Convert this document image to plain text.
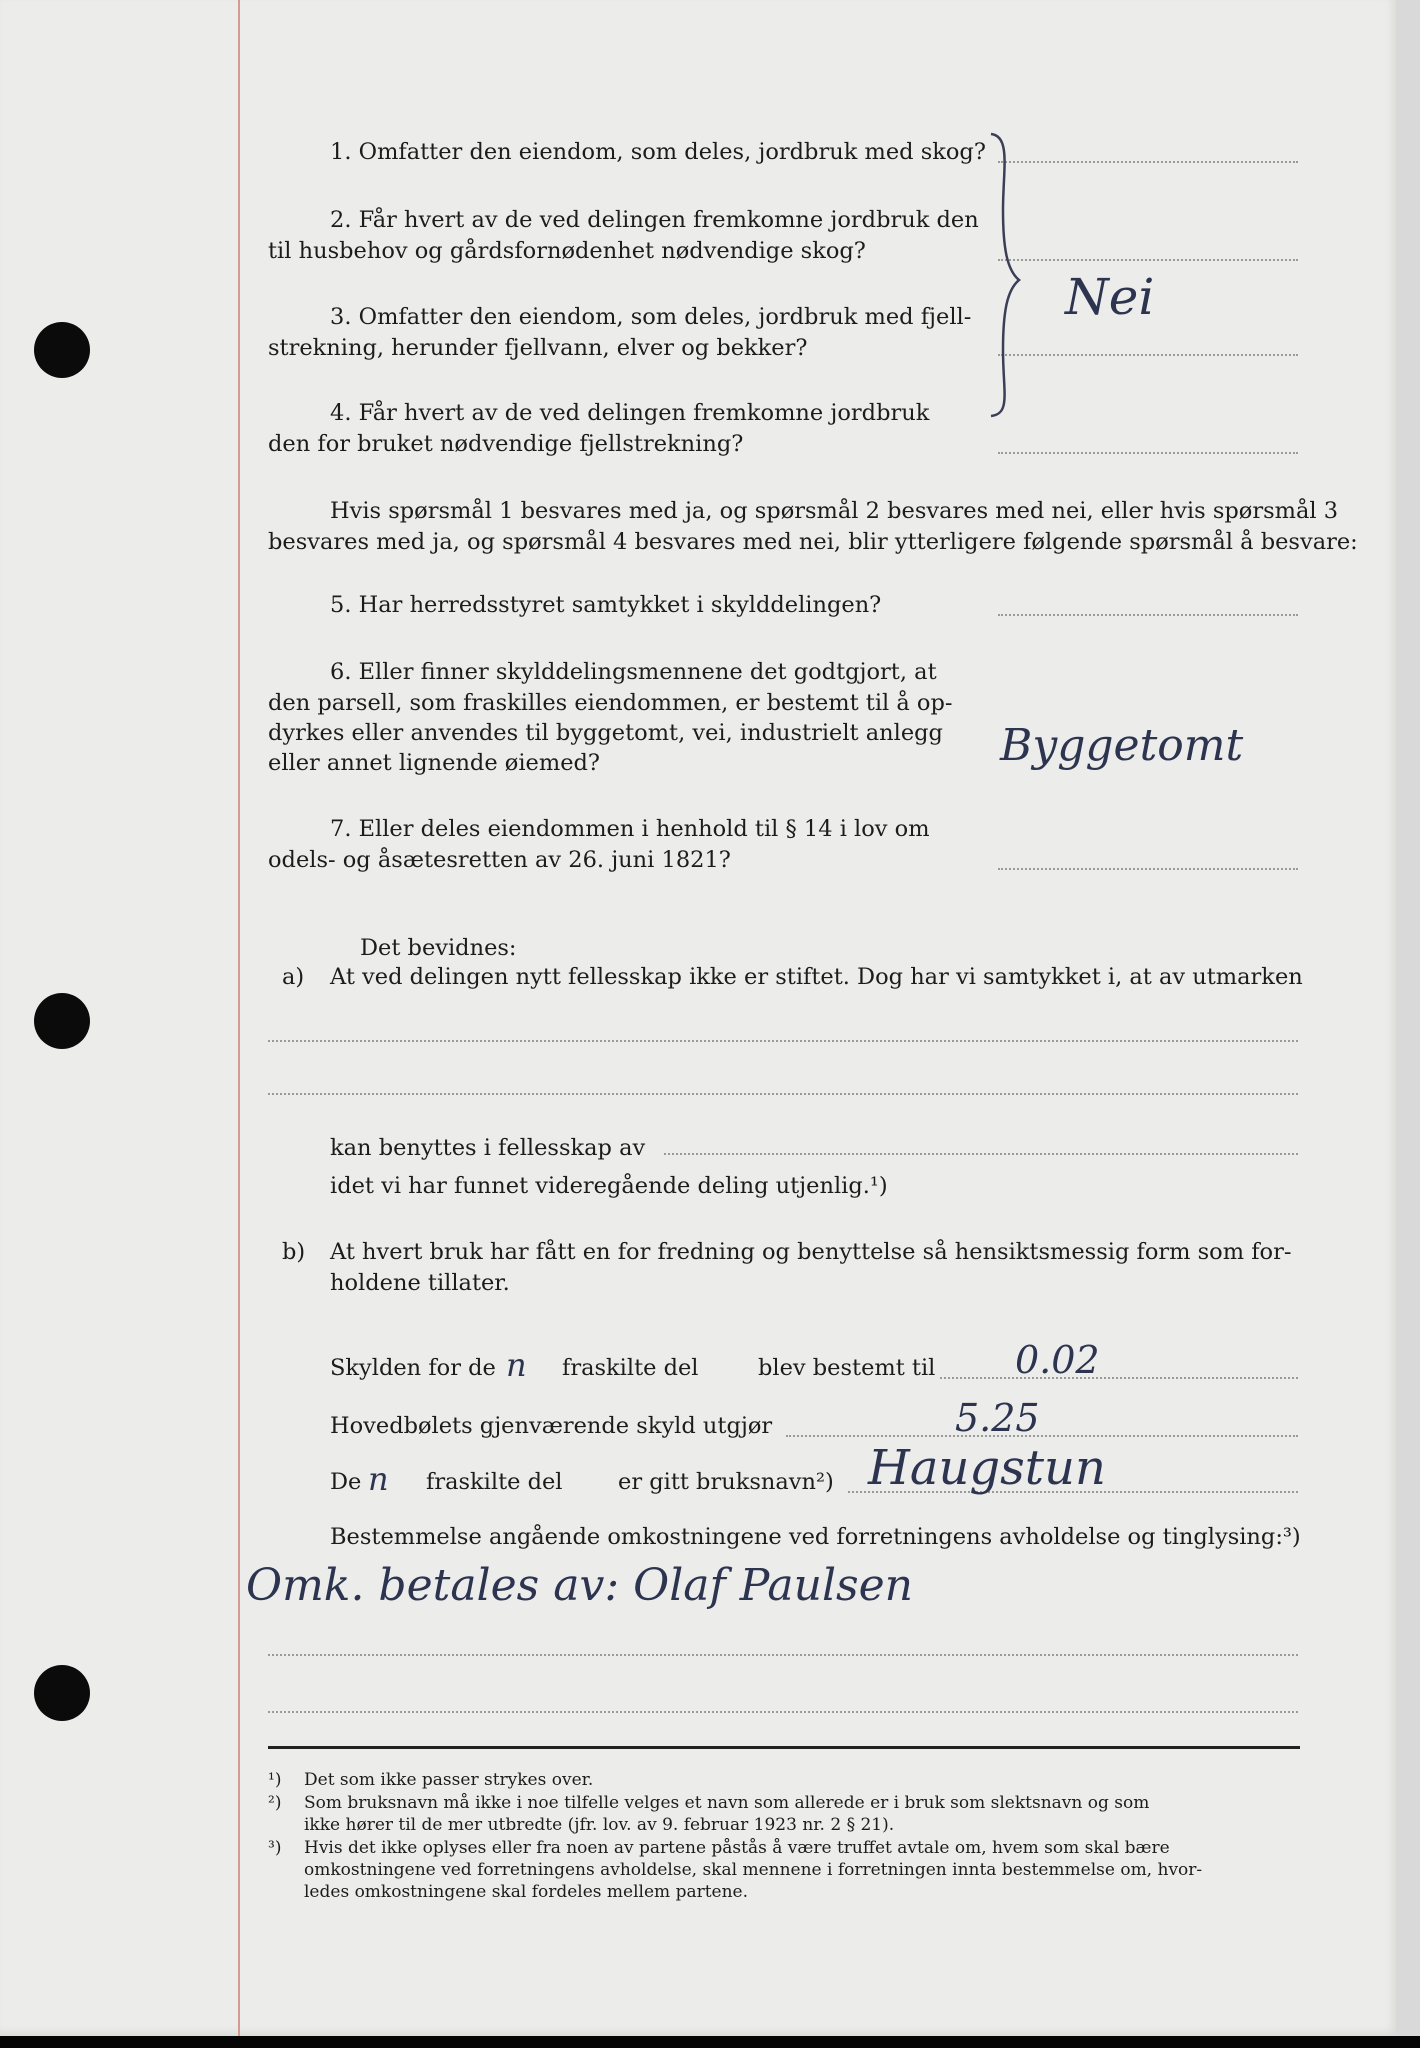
1. Omfatter den eiendom, som deles, jordbruk med skog?
2. Får hvert av de ved delingen fremkomne jordbruk den
til husbehov og gårdsfornødenhet nødvendige skog?
3. Omfatter den eiendom, som deles, jordbruk med fjell-
strekning, herunder fjellvann, elver og bekker?
4. Får hvert av de ved delingen fremkomne jordbruk
den for bruket nødvendige fjellstrekning?
Nei
Hvis spørsmål 1 besvares med ja, og spørsmål 2 besvares med nei, eller hvis spørsmål 3
besvares med ja, og spørsmål 4 besvares med nei, blir ytterligere følgende spørsmål å besvare:
5. Har herredsstyret samtykket i skylddelingen?
6. Eller finner skylddelingsmennene det godtgjort, at
den parsell, som fraskilles eiendommen, er bestemt til å op-
dyrkes eller anvendes til byggetomt, vei, industrielt anlegg
eller annet lignende øiemed?	Byggetomt
7. Eller deles eiendommen i henhold til § 14 i lov om
odels- og åsætesretten av 26. juni 1821?
Det bevidnes:
a) At ved delingen nytt fellesskap ikke er stiftet. Dog har vi samtykket i, at av utmarken
kan benyttes i fellesskap av
idet vi har funnet videregående deling utjenlig.¹)
b) At hvert bruk har fått en for fredning og benyttelse så hensiktsmessig form som for-
holdene tillater.
Skylden for de n fraskilte del	blev bestemt til 0.02
Hovedbølets gjenværende skyld utgjør	5.25
De n fraskilte del er gitt bruksnavn²) Haugstun
Bestemmelse angående omkostningene ved forretningens avholdelse og tinglysing:³)
Omk. betales av: Olaf Paulsen
¹) Det som ikke passer strykes over.
²) Som bruksnavn må ikke i noe tilfelle velges et navn som allerede er i bruk som slektsnavn og som
ikke hører til de mer utbredte (jfr. lov. av 9. februar 1923 nr. 2 § 21).
³) Hvis det ikke oplyses eller fra noen av partene påstås å være truffet avtale om, hvem som skal bære
omkostningene ved forretningens avholdelse, skal mennene i forretningen innta bestemmelse om, hvor-
ledes omkostningene skal fordeles mellem partene.
